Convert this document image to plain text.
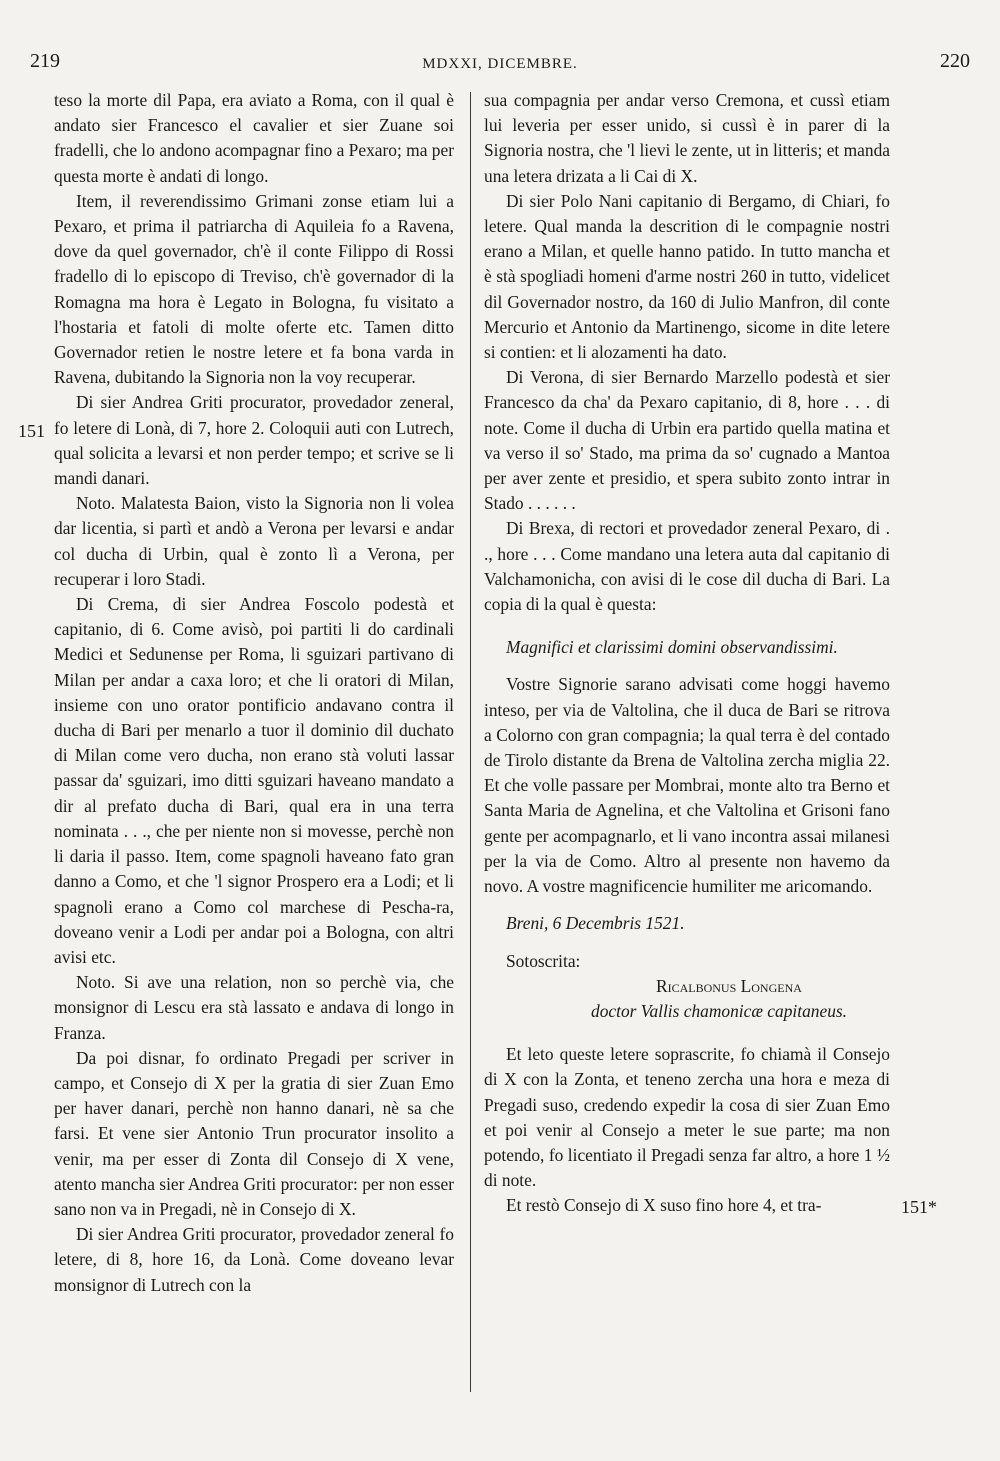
219	MDXXI, DICEMBRE.	220
151
151*

teso la morte dil Papa, era aviato a Roma, con il qual è andato sier Francesco el cavalier et sier Zuane soi fradelli, che lo andono acompagnar fino a Pexaro; ma per questa morte è andati di longo.

Item, il reverendissimo Grimani zonse etiam lui a Pexaro, et prima il patriarcha di Aquileia fo a Ravena, dove da quel governador, ch'è il conte Filippo di Rossi fradello di lo episcopo di Treviso, ch'è governador di la Romagna ma hora è Legato in Bologna, fu visitato a l'hostaria et fatoli di molte oferte etc. Tamen ditto Governador retien le nostre letere et fa bona varda in Ravena, dubitando la Signoria non la voy recuperar.

Di sier Andrea Griti procurator, provedador zeneral, fo letere di Lonà, di 7, hore 2. Coloquii auti con Lutrech, qual solicita a levarsi et non perder tempo; et scrive se li mandi danari.

Noto. Malatesta Baion, visto la Signoria non li volea dar licentia, si partì et andò a Verona per levarsi e andar col ducha di Urbin, qual è zonto lì a Verona, per recuperar i loro Stadi.

Di Crema, di sier Andrea Foscolo podestà et capitanio, di 6. Come avisò, poi partiti li do cardinali Medici et Sedunense per Roma, li sguizari partivano di Milan per andar a caxa loro; et che li oratori di Milan, insieme con uno orator pontificio andavano contra il ducha di Bari per menarlo a tuor il dominio dil duchato di Milan come vero ducha, non erano stà voluti lassar passar da' sguizari, imo ditti sguizari haveano mandato a dir al prefato ducha di Bari, qual era in una terra nominata . . ., che per niente non si movesse, perchè non li daria il passo. Item, come spagnoli haveano fato gran danno a Como, et che 'l signor Prospero era a Lodi; et li spagnoli erano a Como col marchese di Pescha-ra, doveano venir a Lodi per andar poi a Bologna, con altri avisi etc.

Noto. Si ave una relation, non so perchè via, che monsignor di Lescu era stà lassato e andava di longo in Franza.

Da poi disnar, fo ordinato Pregadi per scriver in campo, et Consejo di X per la gratia di sier Zuan Emo per haver danari, perchè non hanno danari, nè sa che farsi. Et vene sier Antonio Trun procurator insolito a venir, ma per esser di Zonta dil Consejo di X vene, atento mancha sier Andrea Griti procurator: per non esser sano non va in Pregadi, nè in Consejo di X.

Di sier Andrea Griti procurator, provedador zeneral fo letere, di 8, hore 16, da Lonà. Come doveano levar monsignor di Lutrech con la

sua compagnia per andar verso Cremona, et cussì etiam lui leveria per esser unido, si cussì è in parer di la Signoria nostra, che 'l lievi le zente, ut in litteris; et manda una letera drizata a li Cai di X.

Di sier Polo Nani capitanio di Bergamo, di Chiari, fo letere. Qual manda la descrition di le compagnie nostri erano a Milan, et quelle hanno patido. In tutto mancha et è stà spogliadi homeni d'arme nostri 260 in tutto, videlicet dil Governador nostro, da 160 di Julio Manfron, dil conte Mercurio et Antonio da Martinengo, sicome in dite letere si contien: et li alozamenti ha dato.

Di Verona, di sier Bernardo Marzello podestà et sier Francesco da cha' da Pexaro capitanio, di 8, hore . . . di note. Come il ducha di Urbin era partido quella matina et va verso il so' Stado, ma prima da so' cugnado a Mantoa per aver zente et presidio, et spera subito zonto intrar in Stado . . . . . .

Di Brexa, di rectori et provedador zeneral Pexaro, di . ., hore . . . Come mandano una letera auta dal capitanio di Valchamonicha, con avisi di le cose dil ducha di Bari. La copia di la qual è questa:

Magnifici et clarissimi domini observandissimi.

Vostre Signorie sarano advisati come hoggi havemo inteso, per via de Valtolina, che il duca de Bari se ritrova a Colorno con gran compagnia; la qual terra è del contado de Tirolo distante da Brena de Valtolina zercha miglia 22. Et che volle passare per Mombrai, monte alto tra Berno et Santa Maria de Agnelina, et che Valtolina et Grisoni fano gente per acompagnarlo, et li vano incontra assai milanesi per la via de Como. Altro al presente non havemo da novo. A vostre magnificencie humiliter me aricomando.

Breni, 6 Decembris 1521.

Sotoscrita:

Ricalbonus Longena

doctor Vallis chamonicæ capitaneus.

Et leto queste letere soprascrite, fo chiamà il Consejo di X con la Zonta, et teneno zercha una hora e meza di Pregadi suso, credendo expedir la cosa di sier Zuan Emo et poi venir al Consejo a meter le sue parte; ma non potendo, fo licentiato il Pregadi senza far altro, a hore 1 ½ di note.

Et restò Consejo di X suso fino hore 4, et tra-
